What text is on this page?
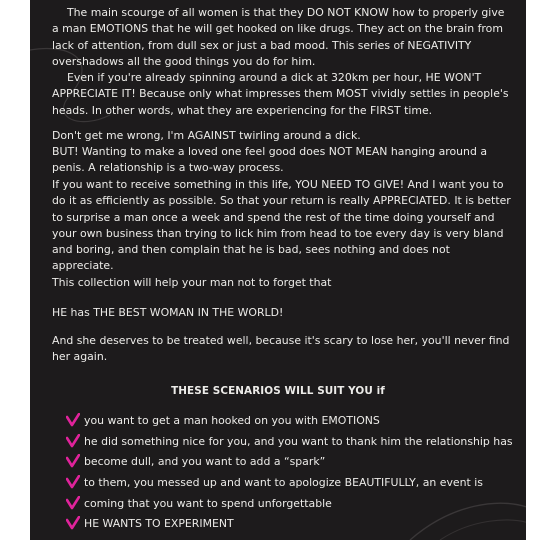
The main scourge of all women is that they DO NOT KNOW how to properly give a man EMOTIONS that he will get hooked on like drugs. They act on the brain from lack of attention, from dull sex or just a bad mood. This series of NEGATIVITY overshadows all the good things you do for him.

Even if you're already spinning around a dick at 320km per hour, HE WON'T APPRECIATE IT! Because only what impresses them MOST vividly settles in people's heads. In other words, what they are experiencing for the FIRST time.

Don't get me wrong, I'm AGAINST twirling around a dick.

BUT! Wanting to make a loved one feel good does NOT MEAN hanging around a penis. A relationship is a two-way process.

If you want to receive something in this life, YOU NEED TO GIVE! And I want you to do it as efficiently as possible. So that your return is really APPRECIATED. It is better to surprise a man once a week and spend the rest of the time doing yourself and your own business than trying to lick him from head to toe every day is very bland and boring, and then complain that he is bad, sees nothing and does not appreciate.

This collection will help your man not to forget that

HE has THE BEST WOMAN IN THE WORLD!

And she deserves to be treated well, because it's scary to lose her, you'll never find her again.

THESE SCENARIOS WILL SUIT YOU if
you want to get a man hooked on you with EMOTIONS
he did something nice for you, and you want to thank him the relationship has
become dull, and you want to add a “spark”
to them, you messed up and want to apologize BEAUTIFULLY, an event is
coming that you want to spend unforgettable
HE WANTS TO EXPERIMENT
